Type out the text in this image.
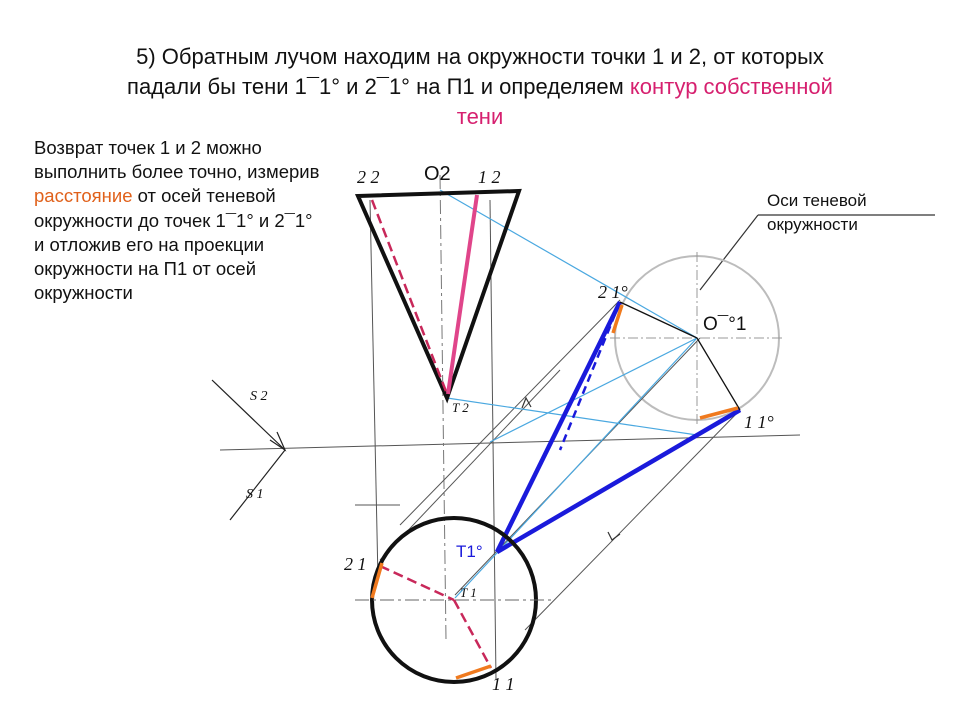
5) Обратным лучом находим на окружности точки 1 и 2, от которых
падали бы тени 1¯1° и 2¯1° на П1 и определяем контур собственной
тени
Возврат точек 1 и 2 можно выполнить более точно, измерив расстояние от осей теневой окружности до точек 1¯1° и 2¯1° и отложив его на проекции окружности на П1 от осей окружности
Оси теневой
окружности
O2
O¯°1
T1°
T 2
T 1
S 2
S 1
2 2	1 2
2 1°
1 1°
2 1
1 1
